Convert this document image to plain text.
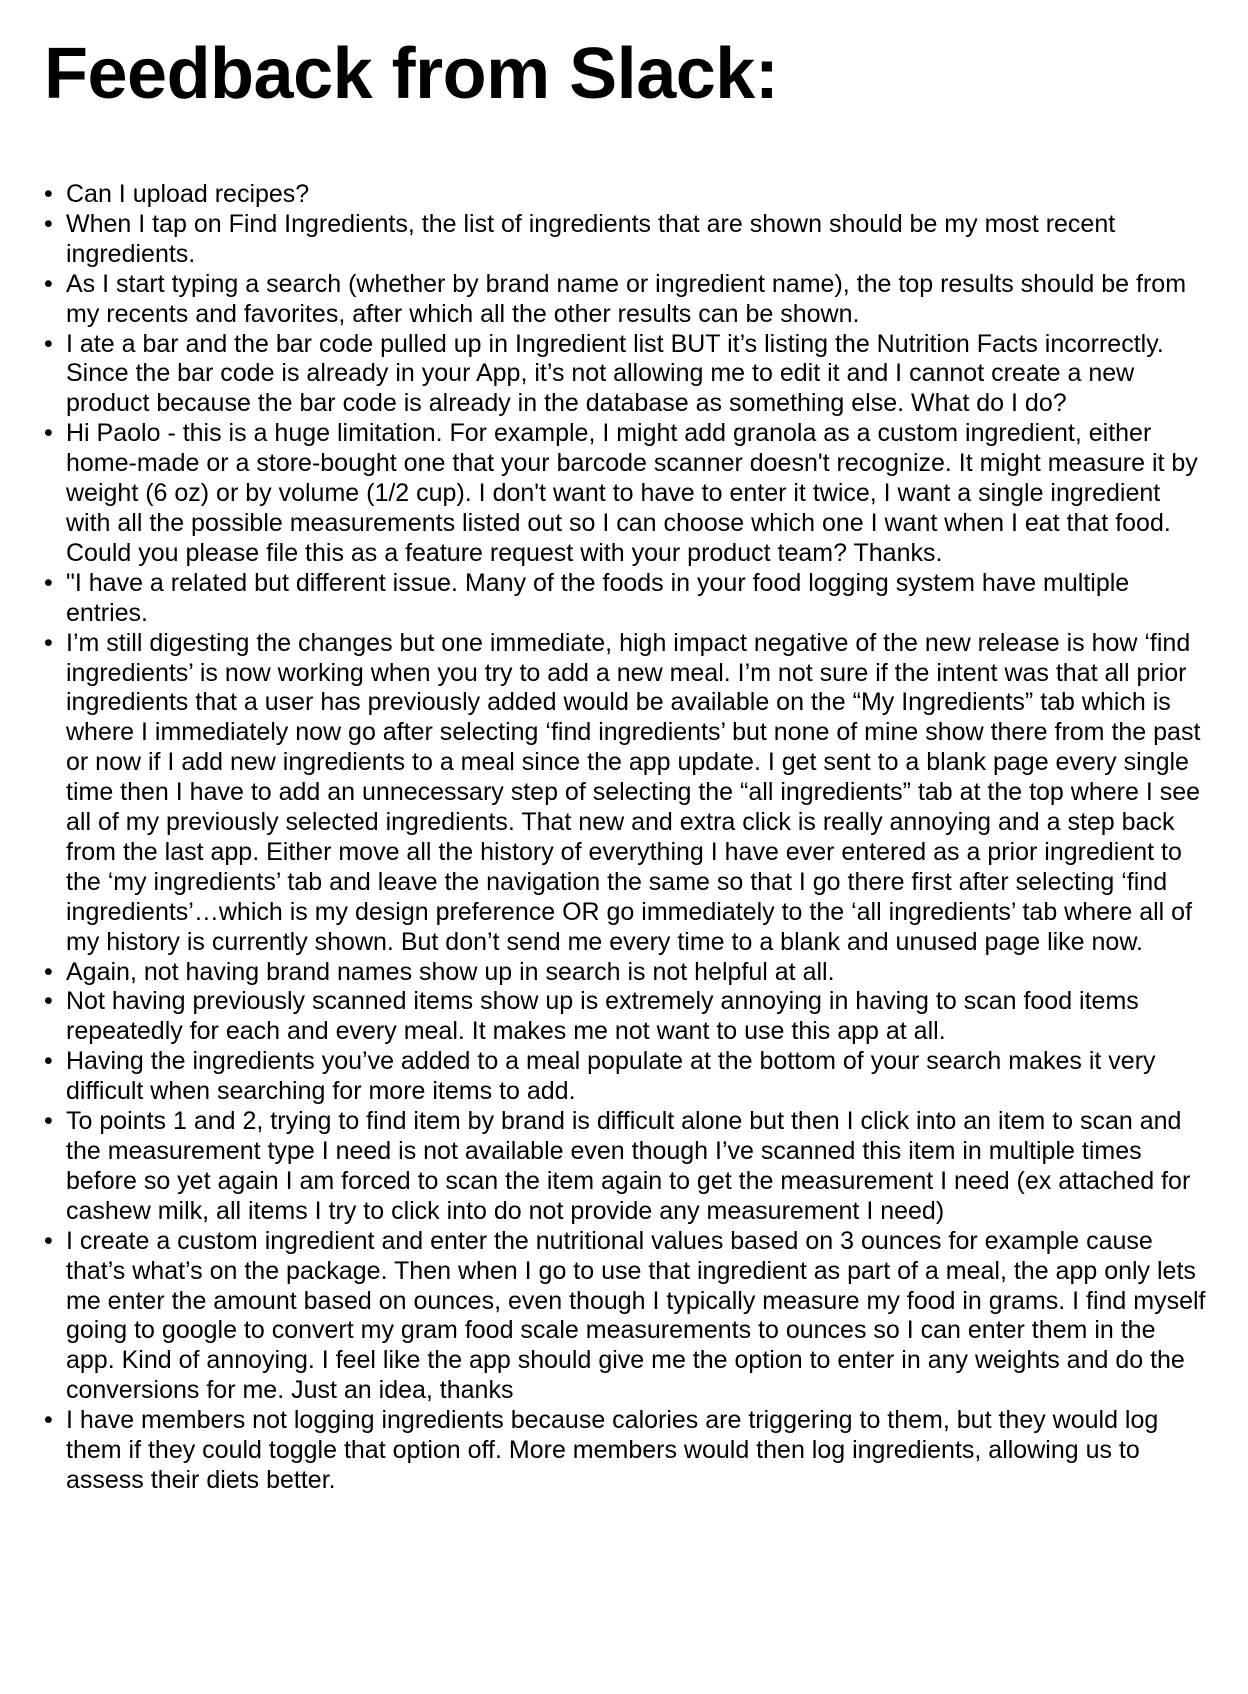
Feedback from Slack:
• Can I upload recipes?
• When I tap on Find Ingredients, the list of ingredients that are shown should be my most recent ingredients.
• As I start typing a search (whether by brand name or ingredient name), the top results should be from my recents and favorites, after which all the other results can be shown.
• I ate a bar and the bar code pulled up in Ingredient list BUT it’s listing the Nutrition Facts incorrectly. Since the bar code is already in your App, it’s not allowing me to edit it and I cannot create a new product because the bar code is already in the database as something else. What do I do?
• Hi Paolo - this is a huge limitation. For example, I might add granola as a custom ingredient, either home-made or a store-bought one that your barcode scanner doesn't recognize. It might measure it by weight (6 oz) or by volume (1/2 cup). I don't want to have to enter it twice, I want a single ingredient with all the possible measurements listed out so I can choose which one I want when I eat that food. Could you please file this as a feature request with your product team? Thanks.
• "I have a related but different issue. Many of the foods in your food logging system have multiple entries.
• I’m still digesting the changes but one immediate, high impact negative of the new release is how ‘find ingredients’ is now working when you try to add a new meal. I’m not sure if the intent was that all prior ingredients that a user has previously added would be available on the “My Ingredients” tab which is where I immediately now go after selecting ‘find ingredients’ but none of mine show there from the past or now if I add new ingredients to a meal since the app update. I get sent to a blank page every single time then I have to add an unnecessary step of selecting the “all ingredients” tab at the top where I see all of my previously selected ingredients. That new and extra click is really annoying and a step back from the last app. Either move all the history of everything I have ever entered as a prior ingredient to the ‘my ingredients’ tab and leave the navigation the same so that I go there first after selecting ‘find ingredients’…which is my design preference OR go immediately to the ‘all ingredients’ tab where all of my history is currently shown. But don’t send me every time to a blank and unused page like now.
• Again, not having brand names show up in search is not helpful at all.
• Not having previously scanned items show up is extremely annoying in having to scan food items repeatedly for each and every meal. It makes me not want to use this app at all.
• Having the ingredients you’ve added to a meal populate at the bottom of your search makes it very difficult when searching for more items to add.
• To points 1 and 2, trying to find item by brand is difficult alone but then I click into an item to scan and the measurement type I need is not available even though I’ve scanned this item in multiple times before so yet again I am forced to scan the item again to get the measurement I need (ex attached for cashew milk, all items I try to click into do not provide any measurement I need)
• I create a custom ingredient and enter the nutritional values based on 3 ounces for example cause that’s what’s on the package. Then when I go to use that ingredient as part of a meal, the app only lets me enter the amount based on ounces, even though I typically measure my food in grams. I find myself going to google to convert my gram food scale measurements to ounces so I can enter them in the app. Kind of annoying. I feel like the app should give me the option to enter in any weights and do the conversions for me. Just an idea, thanks
• I have members not logging ingredients because calories are triggering to them, but they would log them if they could toggle that option off. More members would then log ingredients, allowing us to assess their diets better.
